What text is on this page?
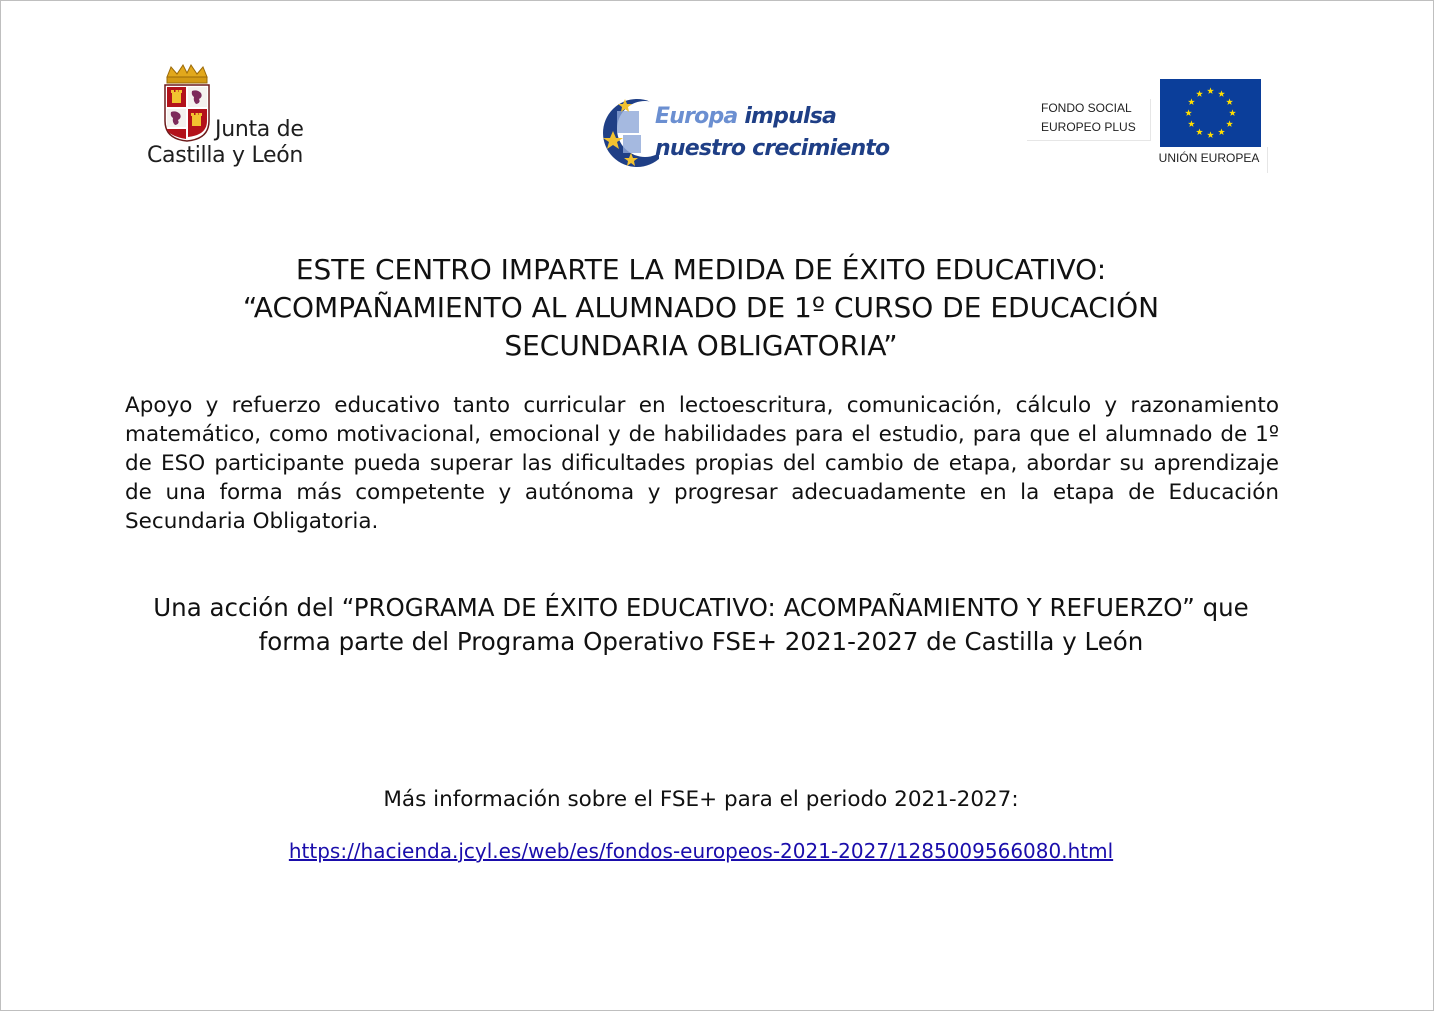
Junta de
Castilla y León
Europa impulsa
nuestro crecimiento
FONDO SOCIAL
EUROPEO PLUS
UNIÓN EUROPEA
ESTE CENTRO IMPARTE LA MEDIDA DE ÉXITO EDUCATIVO:
“ACOMPAÑAMIENTO AL ALUMNADO DE 1º CURSO DE EDUCACIÓN
SECUNDARIA OBLIGATORIA”

Apoyo y refuerzo educativo tanto curricular en lectoescritura, comunicación, cálculo y razonamiento matemático, como motivacional, emocional y de habilidades para el estudio, para que el alumnado de 1º de ESO participante pueda superar las dificultades propias del cambio de etapa, abordar su aprendizaje de una forma más competente y autónoma y progresar adecuadamente en la etapa de Educación Secundaria Obligatoria.

Una acción del “PROGRAMA DE ÉXITO EDUCATIVO: ACOMPAÑAMIENTO Y REFUERZO” que forma parte del Programa Operativo FSE+ 2021-2027 de Castilla y León

Más información sobre el FSE+ para el periodo 2021-2027:

https://hacienda.jcyl.es/web/es/fondos-europeos-2021-2027/1285009566080.html
